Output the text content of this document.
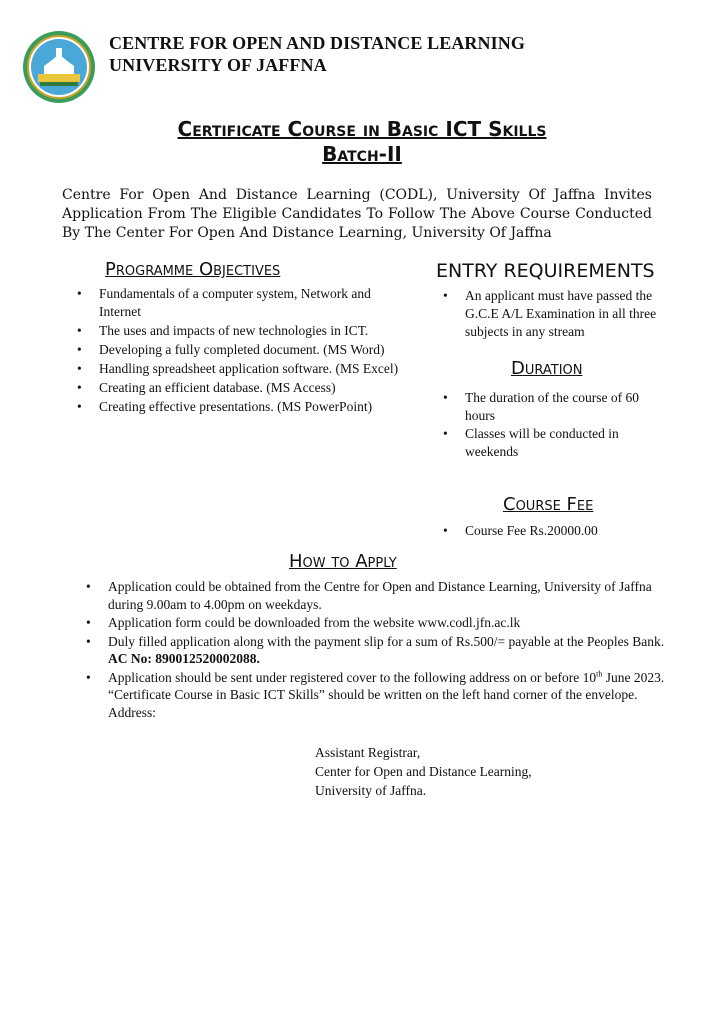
CENTRE FOR OPEN AND DISTANCE LEARNING
UNIVERSITY OF JAFFNA
Certificate Course in Basic ICT Skills
Batch-II
Centre For Open And Distance Learning (CODL), University Of Jaffna Invites Application From The Eligible Candidates To Follow The Above Course Conducted By The Center For Open And Distance Learning, University Of Jaffna
Programme Objectives
• Fundamentals of a computer system, Network and Internet
• The uses and impacts of new technologies in ICT.
• Developing a fully completed document. (MS Word)
• Handling spreadsheet application software. (MS Excel)
• Creating an efficient database. (MS Access)
• Creating effective presentations. (MS PowerPoint)
ENTRY REQUIREMENTS
• An applicant must have passed the G.C.E A/L Examination in all three subjects in any stream
Duration
• The duration of the course of 60 hours
• Classes will be conducted in weekends
Course Fee
• Course Fee Rs.20000.00
How to Apply
• Application could be obtained from the Centre for Open and Distance Learning, University of Jaffna during 9.00am to 4.00pm on weekdays.
• Application form could be downloaded from the website www.codl.jfn.ac.lk
• Duly filled application along with the payment slip for a sum of Rs.500/= payable at the Peoples Bank. AC No: 890012520002088.
• Application should be sent under registered cover to the following address on or before 10th June 2023. “Certificate Course in Basic ICT Skills” should be written on the left hand corner of the envelope. Address:
Assistant Registrar,
Center for Open and Distance Learning,
University of Jaffna.
